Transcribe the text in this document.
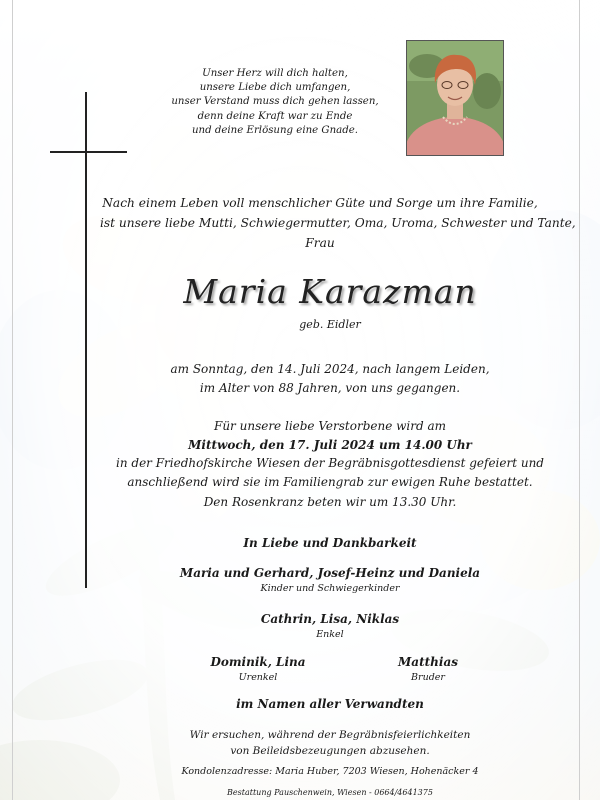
Unser Herz will dich halten,
unsere Liebe dich umfangen,
unser Verstand muss dich gehen lassen,
denn deine Kraft war zu Ende
und deine Erlösung eine Gnade.
Nach einem Leben voll menschlicher Güte und Sorge um ihre Familie,
ist unsere liebe Mutti, Schwiegermutter, Oma, Uroma, Schwester und Tante,
Frau
Maria Karazman
geb. Eidler
am Sonntag, den 14. Juli 2024, nach langem Leiden,
im Alter von 88 Jahren, von uns gegangen.
Für unsere liebe Verstorbene wird am
Mittwoch, den 17. Juli 2024 um 14.00 Uhr
in der Friedhofskirche Wiesen der Begräbnisgottesdienst gefeiert und
anschließend wird sie im Familiengrab zur ewigen Ruhe bestattet.
Den Rosenkranz beten wir um 13.30 Uhr.
In Liebe und Dankbarkeit
Maria und Gerhard, Josef-Heinz und Daniela
Kinder und Schwiegerkinder
Cathrin, Lisa, Niklas
Enkel
Dominik, Lina
Urenkel
Matthias
Bruder
im Namen aller Verwandten
Wir ersuchen, während der Begräbnisfeierlichkeiten
von Beileidsbezeugungen abzusehen.
Kondolenzadresse: Maria Huber, 7203 Wiesen, Hohenäcker 4
Bestattung Pauschenwein, Wiesen - 0664/4641375
